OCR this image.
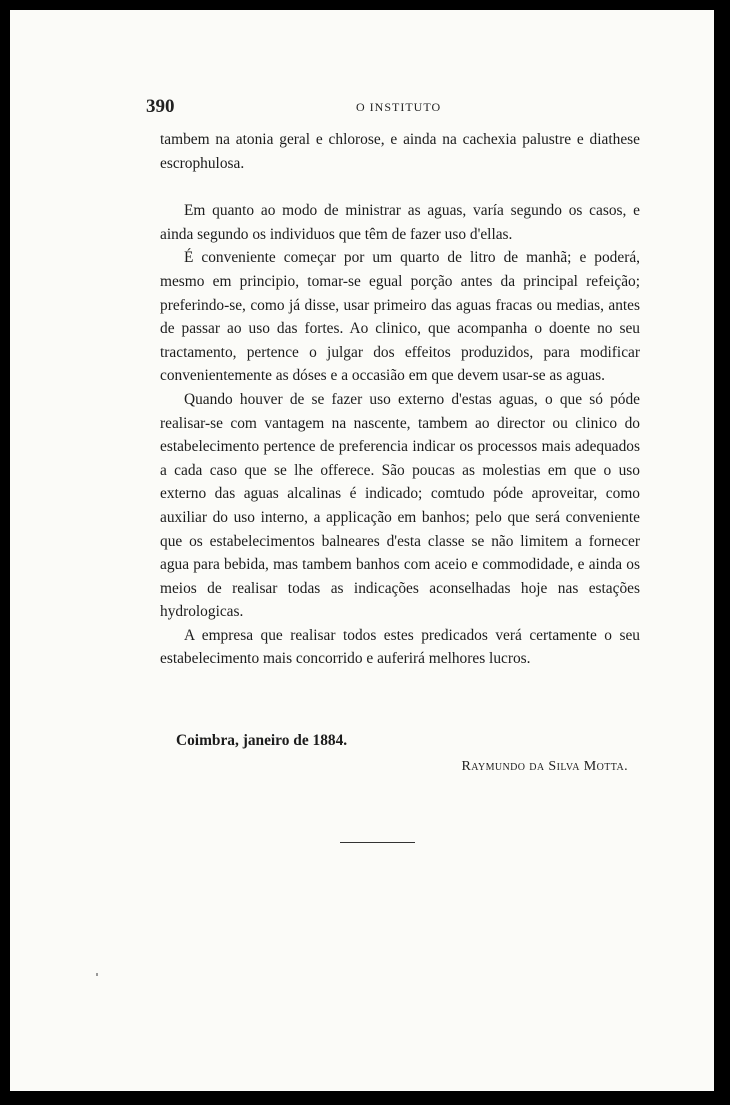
390	O INSTITUTO

tambem na atonia geral e chlorose, e ainda na cachexia palustre e diathese escrophulosa.

Em quanto ao modo de ministrar as aguas, varía segundo os casos, e ainda segundo os individuos que têm de fazer uso d'ellas.

É conveniente começar por um quarto de litro de manhã; e poderá, mesmo em principio, tomar-se egual porção antes da principal refeição; preferindo-se, como já disse, usar primeiro das aguas fracas ou medias, antes de passar ao uso das fortes. Ao clinico, que acompanha o doente no seu tractamento, pertence o julgar dos effeitos produzidos, para modificar convenientemente as dóses e a occasião em que devem usar-se as aguas.

Quando houver de se fazer uso externo d'estas aguas, o que só póde realisar-se com vantagem na nascente, tambem ao director ou clinico do estabelecimento pertence de preferencia indicar os processos mais adequados a cada caso que se lhe offerece. São poucas as molestias em que o uso externo das aguas alcalinas é indicado; comtudo póde aproveitar, como auxiliar do uso interno, a applicação em banhos; pelo que será conveniente que os estabelecimentos balneares d'esta classe se não limitem a fornecer agua para bebida, mas tambem banhos com aceio e commodidade, e ainda os meios de realisar todas as indicações aconselhadas hoje nas estações hydrologicas.

A empresa que realisar todos estes predicados verá certamente o seu estabelecimento mais concorrido e auferirá melhores lucros.

Coimbra, janeiro de 1884.
Raymundo da Silva Motta.
